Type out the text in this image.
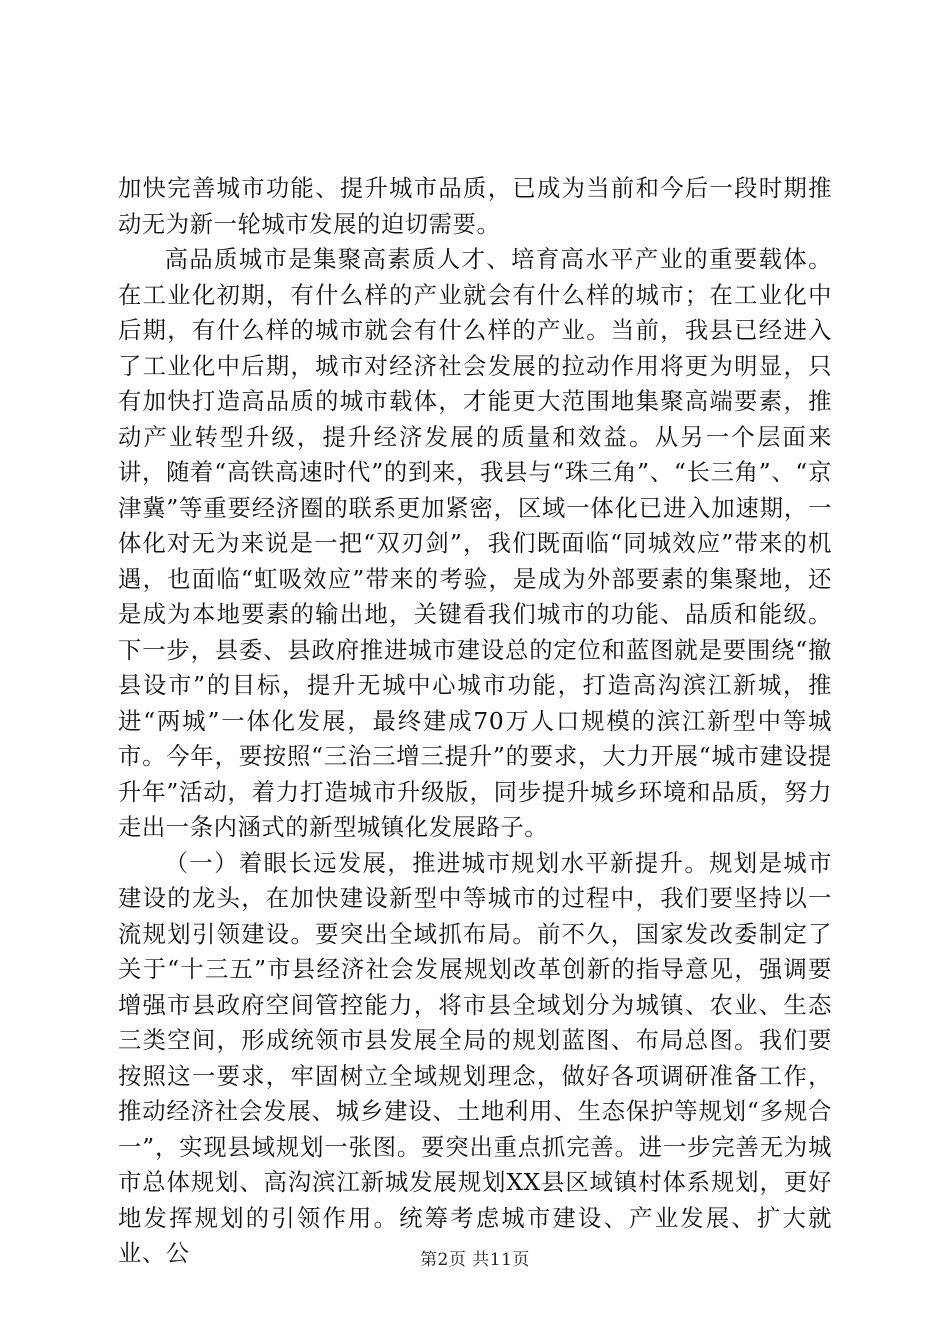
加快完善城市功能、提升城市品质，已成为当前和今后一段时期推动无为新一轮城市发展的迫切需要。

高品质城市是集聚高素质人才、培育高水平产业的重要载体。在工业化初期，有什么样的产业就会有什么样的城市；在工业化中后期，有什么样的城市就会有什么样的产业。当前，我县已经进入了工业化中后期，城市对经济社会发展的拉动作用将更为明显，只有加快打造高品质的城市载体，才能更大范围地集聚高端要素，推动产业转型升级，提升经济发展的质量和效益。从另一个层面来讲，随着“高铁高速时代”的到来，我县与“珠三角”、“长三角”、“京津冀”等重要经济圈的联系更加紧密，区域一体化已进入加速期，一体化对无为来说是一把“双刃剑”，我们既面临“同城效应”带来的机遇，也面临“虹吸效应”带来的考验，是成为外部要素的集聚地，还是成为本地要素的输出地，关键看我们城市的功能、品质和能级。下一步，县委、县政府推进城市建设总的定位和蓝图就是要围绕“撤县设市”的目标，提升无城中心城市功能，打造高沟滨江新城，推进“两城”一体化发展，最终建成70万人口规模的滨江新型中等城市。今年，要按照“三治三增三提升”的要求，大力开展“城市建设提升年”活动，着力打造城市升级版，同步提升城乡环境和品质，努力走出一条内涵式的新型城镇化发展路子。

（一）着眼长远发展，推进城市规划水平新提升。规划是城市建设的龙头，在加快建设新型中等城市的过程中，我们要坚持以一流规划引领建设。要突出全域抓布局。前不久，国家发改委制定了关于“十三五”市县经济社会发展规划改革创新的指导意见，强调要增强市县政府空间管控能力，将市县全域划分为城镇、农业、生态三类空间，形成统领市县发展全局的规划蓝图、布局总图。我们要按照这一要求，牢固树立全域规划理念，做好各项调研准备工作，推动经济社会发展、城乡建设、土地利用、生态保护等规划“多规合一”，实现县域规划一张图。要突出重点抓完善。进一步完善无为城市总体规划、高沟滨江新城发展规划XX县区域镇村体系规划，更好地发挥规划的引领作用。统筹考虑城市建设、产业发展、扩大就业、公	第2页 共11页
